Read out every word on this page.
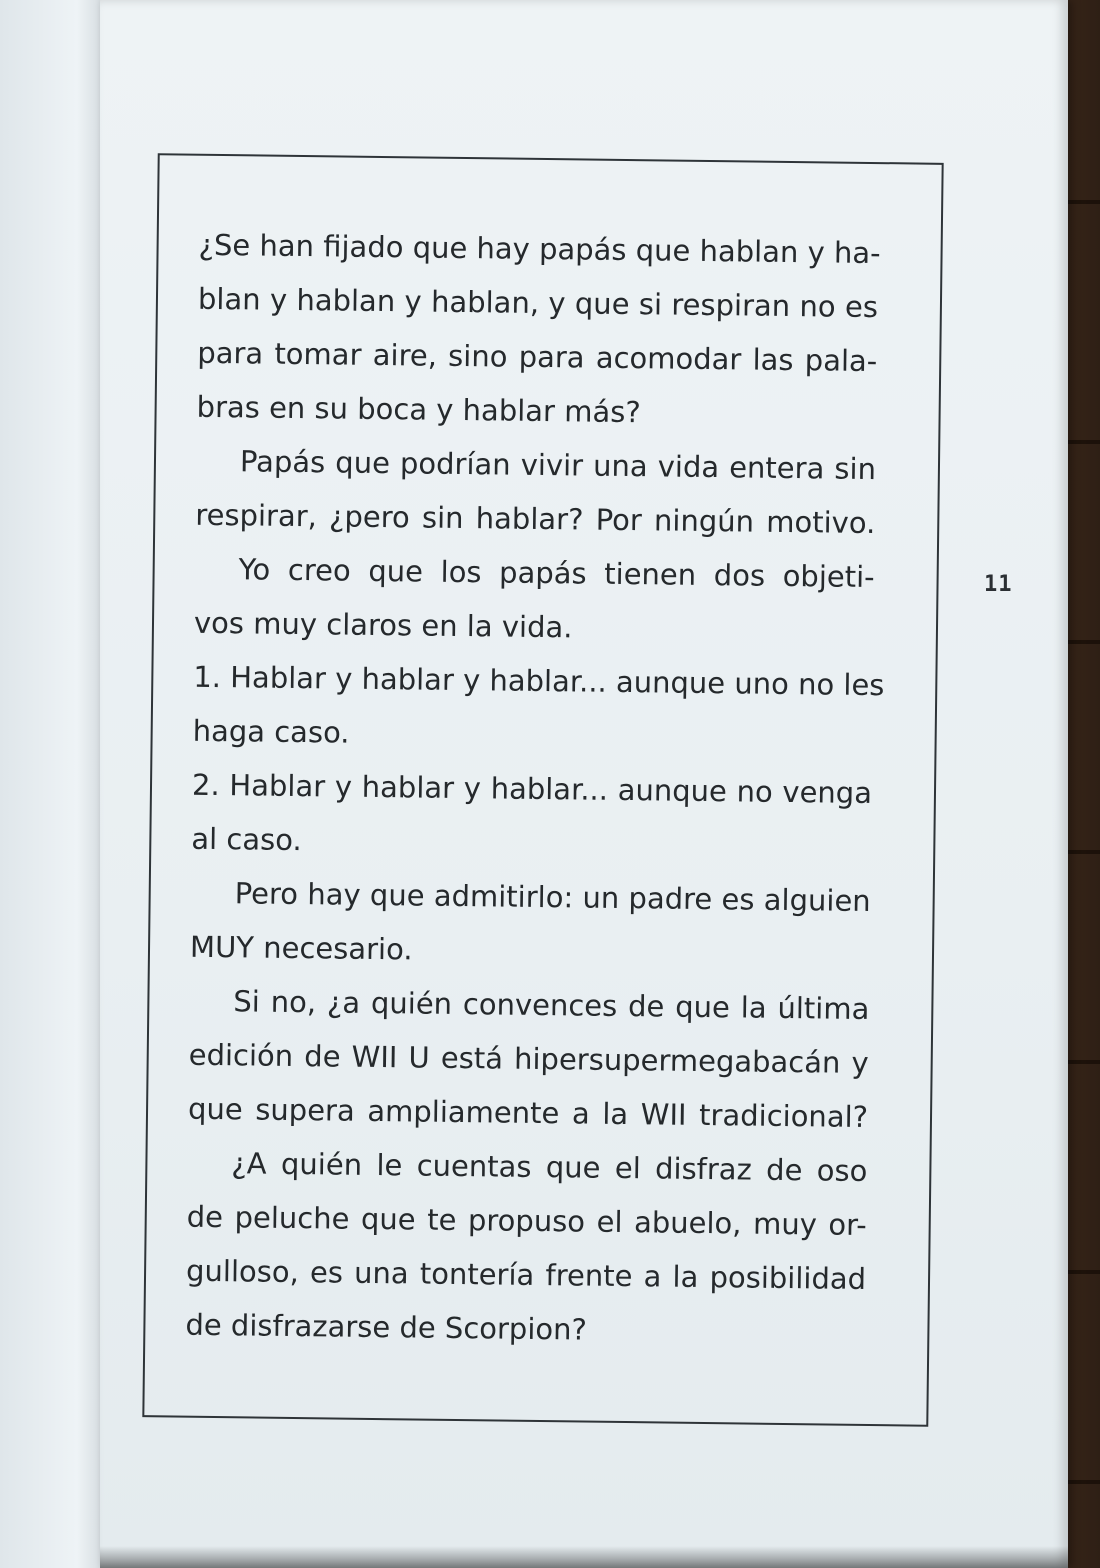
¿Se han fijado que hay papás que hablan y ha-
blan y hablan y hablan, y que si respiran no es
para tomar aire, sino para acomodar las pala-
bras en su boca y hablar más?
Papás que podrían vivir una vida entera sin
respirar, ¿pero sin hablar? Por ningún motivo.
Yo creo que los papás tienen dos objeti-
vos muy claros en la vida.
1. Hablar y hablar y hablar... aunque uno no les
haga caso.
2. Hablar y hablar y hablar... aunque no venga
al caso.
Pero hay que admitirlo: un padre es alguien
MUY necesario.
Si no, ¿a quién convences de que la última
edición de WII U está hipersupermegabacán y
que supera ampliamente a la WII tradicional?
¿A quién le cuentas que el disfraz de oso
de peluche que te propuso el abuelo, muy or-
gulloso, es una tontería frente a la posibilidad
de disfrazarse de Scorpion?
11
